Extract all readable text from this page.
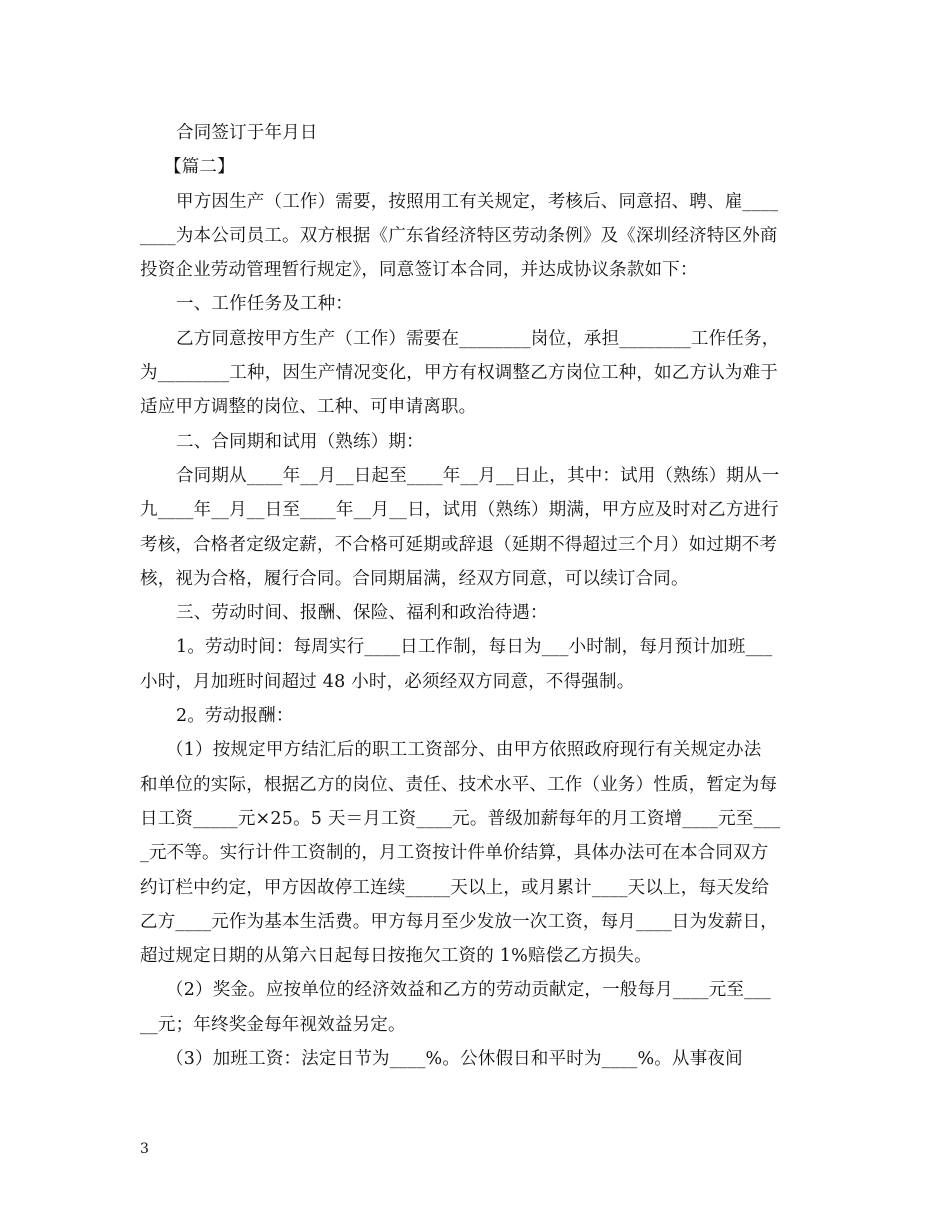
合同签订于年月日
【篇二】
甲方因生产（工作）需要，按照用工有关规定，考核后、同意招、聘、雇____
____为本公司员工。双方根据《广东省经济特区劳动条例》及《深圳经济特区外商
投资企业劳动管理暂行规定》，同意签订本合同，并达成协议条款如下：
一、工作任务及工种：
乙方同意按甲方生产（工作）需要在________岗位，承担________工作任务，
为________工种，因生产情况变化，甲方有权调整乙方岗位工种，如乙方认为难于
适应甲方调整的岗位、工种、可申请离职。
二、合同期和试用（熟练）期：
合同期从____年__月__日起至____年__月__日止，其中：试用（熟练）期从一
九____年__月__日至____年__月__日，试用（熟练）期满，甲方应及时对乙方进行
考核，合格者定级定薪，不合格可延期或辞退（延期不得超过三个月）如过期不考
核，视为合格，履行合同。合同期届满，经双方同意，可以续订合同。
三、劳动时间、报酬、保险、福利和政治待遇：
1。劳动时间：每周实行____日工作制，每日为___小时制，每月预计加班___
小时，月加班时间超过 48 小时，必须经双方同意，不得强制。
2。劳动报酬：
（1）按规定甲方结汇后的职工工资部分、由甲方依照政府现行有关规定办法
和单位的实际，根据乙方的岗位、责任、技术水平、工作（业务）性质，暂定为每
日工资_____元×25。5 天＝月工资____元。普级加薪每年的月工资增____元至___
_元不等。实行计件工资制的，月工资按计件单价结算，具体办法可在本合同双方
约订栏中约定，甲方因故停工连续_____天以上，或月累计____天以上，每天发给
乙方____元作为基本生活费。甲方每月至少发放一次工资，每月____日为发薪日，
超过规定日期的从第六日起每日按拖欠工资的 1%赔偿乙方损失。
（2）奖金。应按单位的经济效益和乙方的劳动贡献定，一般每月____元至___
__元；年终奖金每年视效益另定。
（3）加班工资：法定日节为____%。公休假日和平时为____%。从事夜间
3
